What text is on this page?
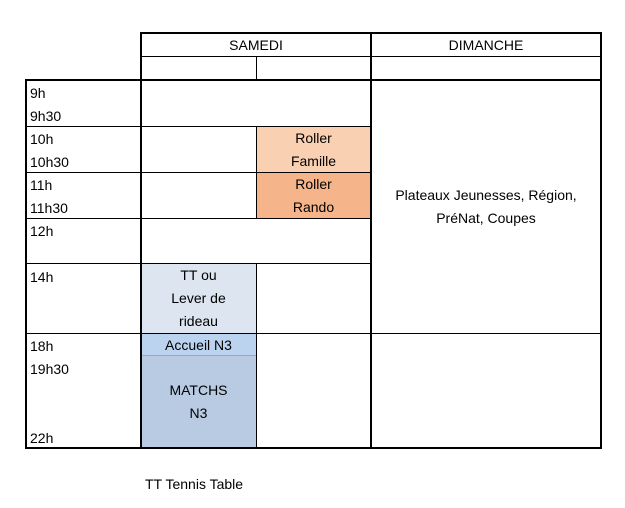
Roller
Famille
Roller
Rando
TT ou
Lever de
rideau
Accueil N3
MATCHS
N3
Plateaux Jeunesses, Région,
PréNat, Coupes
SAMEDI	DIMANCHE
9h
9h30
10h
10h30
11h
11h30
12h
14h
18h
19h30
22h
TT Tennis Table
